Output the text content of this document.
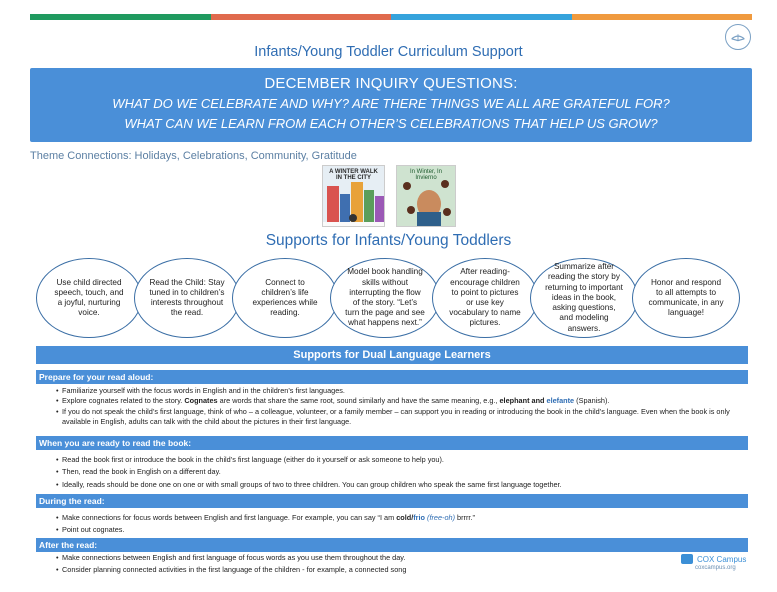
Infants/Young Toddler Curriculum Support
DECEMBER INQUIRY QUESTIONS:
WHAT DO WE CELEBRATE AND WHY? ARE THERE THINGS WE ALL ARE GRATEFUL FOR?
WHAT CAN WE LEARN FROM EACH OTHER’S CELEBRATIONS THAT HELP US GROW?
Theme Connections: Holidays, Celebrations, Community, Gratitude
A WINTER WALK IN THE CITY
In Winter, In Invierno
Supports for Infants/Young Toddlers
Use child directed speech, touch, and a joyful, nurturing voice.
Read the Child: Stay tuned in to children’s interests throughout the read.
Connect to children’s life experiences while reading.
Model book handling skills without interrupting the flow of the story. “Let’s turn the page and see what happens next.”
After reading-encourage children to point to pictures or use key vocabulary to name pictures.
Summarize after reading the story by returning to important ideas in the book, asking questions, and modeling answers.
Honor and respond to all attempts to communicate, in any language!
Supports for Dual Language Learners
Prepare for your read aloud:
• Familiarize yourself with the focus words in English and in the children’s first languages.
• Explore cognates related to the story. Cognates are words that share the same root, sound similarly and have the same meaning, e.g., elephant and elefante (Spanish).
• If you do not speak the child’s first language, think of who – a colleague, volunteer, or a family member – can support you in reading or introducing the book in the child’s language. Even when the book is only available in English, adults can talk with the child about the pictures in their first language.
When you are ready to read the book:
• Read the book first or introduce the book in the child’s first language (either do it yourself or ask someone to help you).
• Then, read the book in English on a different day.
• Ideally, reads should be done one on one or with small groups of two to three children. You can group children who speak the same first language together.
During the read:
• Make connections for focus words between English and first language. For example, you can say “I am cold/frio (free-oh) brrrr.”
• Point out cognates.
After the read:
• Make connections between English and first language of focus words as you use them throughout the day.
• Consider planning connected activities in the first language of the children - for example, a connected song
COX Campus
coxcampus.org
